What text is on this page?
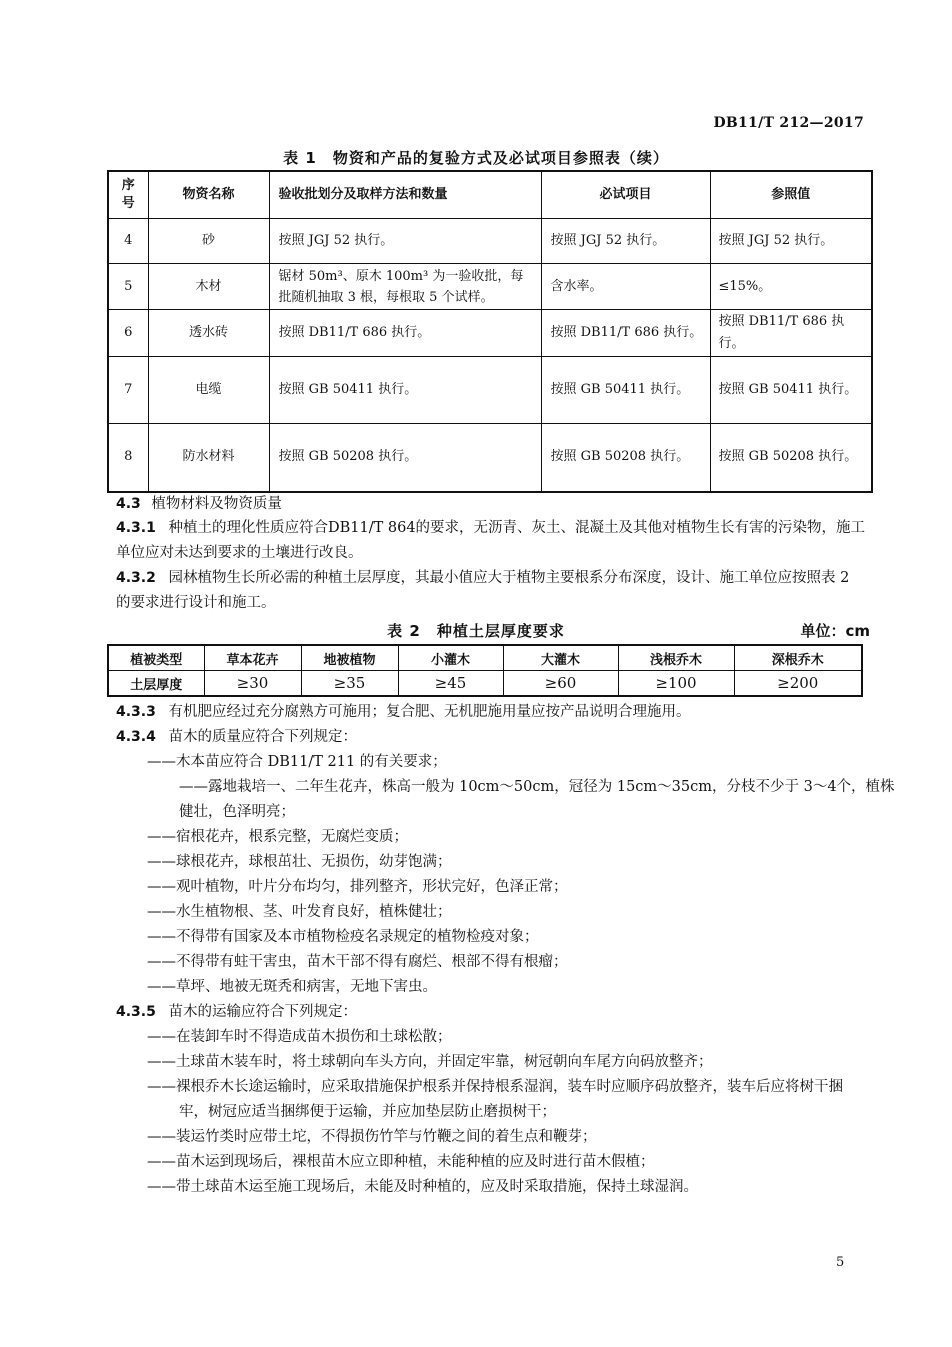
DB11/T 212—2017
表 1　物资和产品的复验方式及必试项目参照表（续）
序号	物资名称	验收批划分及取样方法和数量	必试项目	参照值
4	砂	按照 JGJ 52 执行。	按照 JGJ 52 执行。	按照 JGJ 52 执行。
5	木材	锯材 50m³、原木 100m³ 为一验收批，每批随机抽取 3 根，每根取 5 个试样。	含水率。	≤15%。
6	透水砖	按照 DB11/T 686 执行。	按照 DB11/T 686 执行。	按照 DB11/T 686 执行。
7	电缆	按照 GB 50411 执行。	按照 GB 50411 执行。	按照 GB 50411 执行。
8	防水材料	按照 GB 50208 执行。	按照 GB 50208 执行。	按照 GB 50208 执行。
4.3 植物材料及物资质量
4.3.1 种植土的理化性质应符合DB11/T 864的要求，无沥青、灰土、混凝土及其他对植物生长有害的污染物，施工单位应对未达到要求的土壤进行改良。
4.3.2 园林植物生长所必需的种植土层厚度，其最小值应大于植物主要根系分布深度，设计、施工单位应按照表 2 的要求进行设计和施工。
表 2　种植土层厚度要求	单位：cm
植被类型	草本花卉	地被植物	小灌木	大灌木	浅根乔木	深根乔木
土层厚度	≥30	≥35	≥45	≥60	≥100	≥200
4.3.3 有机肥应经过充分腐熟方可施用；复合肥、无机肥施用量应按产品说明合理施用。
4.3.4 苗木的质量应符合下列规定：
——木本苗应符合 DB11/T 211 的有关要求；
——露地栽培一、二年生花卉，株高一般为 10cm～50cm，冠径为 15cm～35cm，分枝不少于 3～4个，植株健壮，色泽明亮；
——宿根花卉，根系完整，无腐烂变质；
——球根花卉，球根茁壮、无损伤，幼芽饱满；
——观叶植物，叶片分布均匀，排列整齐，形状完好，色泽正常；
——水生植物根、茎、叶发育良好，植株健壮；
——不得带有国家及本市植物检疫名录规定的植物检疫对象；
——不得带有蛀干害虫，苗木干部不得有腐烂、根部不得有根瘤；
——草坪、地被无斑秃和病害，无地下害虫。
4.3.5 苗木的运输应符合下列规定：
——在装卸车时不得造成苗木损伤和土球松散；
——土球苗木装车时，将土球朝向车头方向，并固定牢靠，树冠朝向车尾方向码放整齐；
——裸根乔木长途运输时，应采取措施保护根系并保持根系湿润，装车时应顺序码放整齐，装车后应将树干捆牢，树冠应适当捆绑便于运输，并应加垫层防止磨损树干；
——装运竹类时应带土坨，不得损伤竹竿与竹鞭之间的着生点和鞭芽；
——苗木运到现场后，裸根苗木应立即种植，未能种植的应及时进行苗木假植；
——带土球苗木运至施工现场后，未能及时种植的，应及时采取措施，保持土球湿润。
5
